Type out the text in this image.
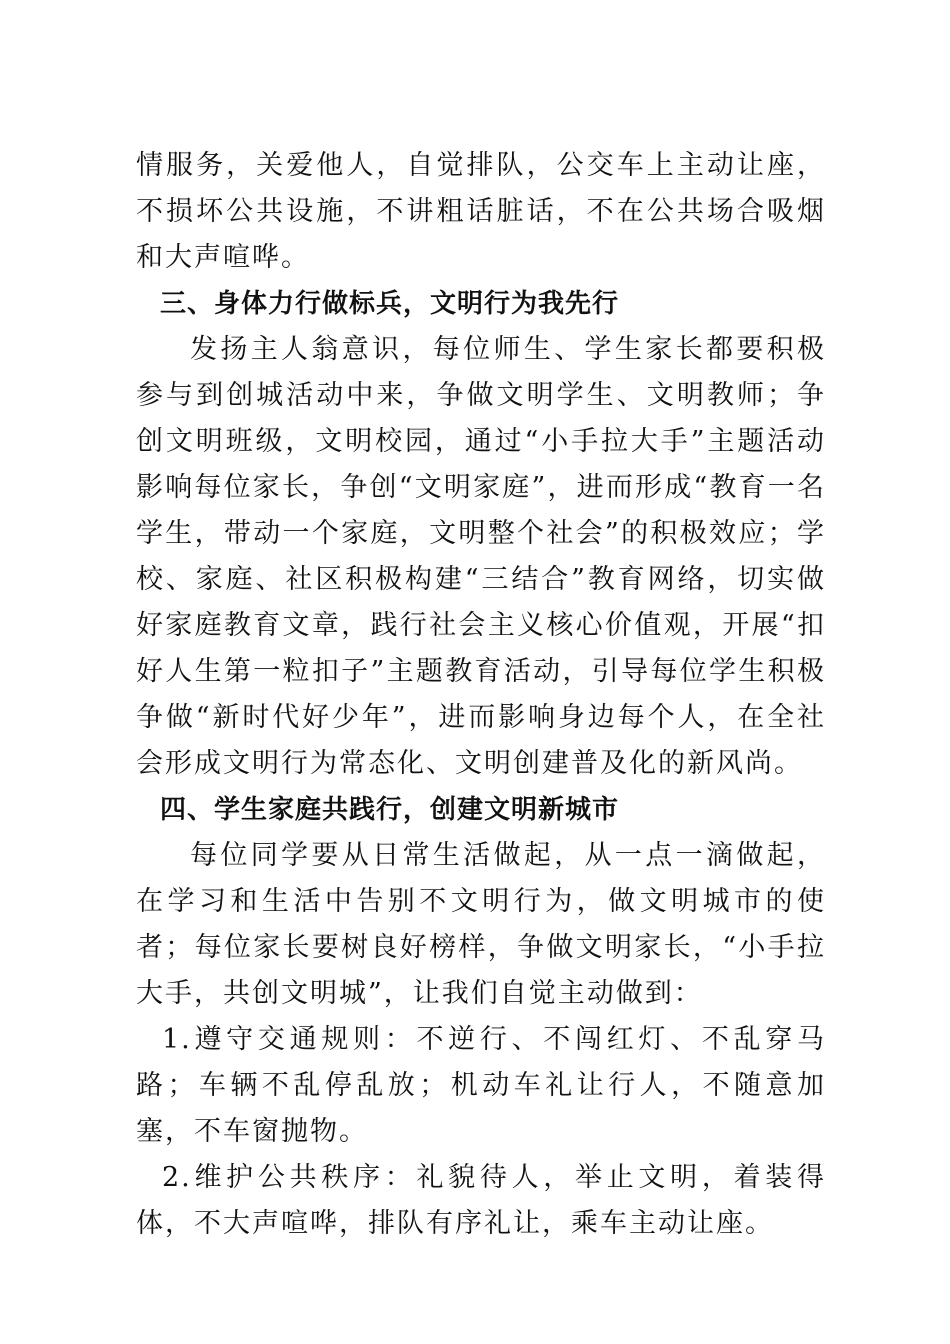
情服务，关爱他人，自觉排队，公交车上主动让座，不损坏公共设施，不讲粗话脏话，不在公共场合吸烟和大声喧哗。

三、身体力行做标兵，文明行为我先行

发扬主人翁意识，每位师生、学生家长都要积极参与到创城活动中来，争做文明学生、文明教师；争创文明班级，文明校园，通过“小手拉大手”主题活动影响每位家长，争创“文明家庭”，进而形成“教育一名学生，带动一个家庭，文明整个社会”的积极效应；学校、家庭、社区积极构建“三结合”教育网络，切实做好家庭教育文章，践行社会主义核心价值观，开展“扣好人生第一粒扣子”主题教育活动，引导每位学生积极争做“新时代好少年”，进而影响身边每个人，在全社会形成文明行为常态化、文明创建普及化的新风尚。

四、学生家庭共践行，创建文明新城市

每位同学要从日常生活做起，从一点一滴做起，在学习和生活中告别不文明行为，做文明城市的使者；每位家长要树良好榜样，争做文明家长，“小手拉大手，共创文明城”，让我们自觉主动做到：

1.遵守交通规则：不逆行、不闯红灯、不乱穿马路；车辆不乱停乱放；机动车礼让行人，不随意加塞，不车窗抛物。

2.维护公共秩序：礼貌待人，举止文明，着装得体，不大声喧哗，排队有序礼让，乘车主动让座。
